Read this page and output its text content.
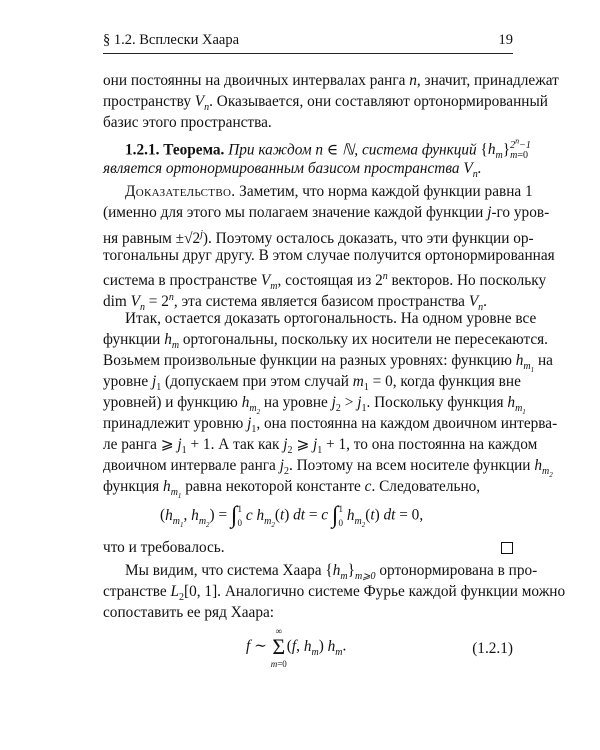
§ 1.2. Всплески Хаара	19
они постоянны на двоичных интервалах ранга n, значит, принадлежат
пространству $V_n$. Оказывается, они составляют ортонормированный
базис этого пространства.
1.2.1. Теорема. При каждом n ∈ ℕ, система функций $\{h_m\}2^n-1$
m=0
является ортонормированным базисом пространства $V_n$.
Доказательство. Заметим, что норма каждой функции равна 1
(именно для этого мы полагаем значение каждой функции j-го уров-
ня равным $\pm√2^j$). Поэтому осталось доказать, что эти функции ор-
тогональны друг другу. В этом случае получится ортонормированная
система в пространстве $V_m$, состоящая из 2$^n$ векторов. Но поскольку
dim $V_n = 2^n$, эта система является базисом пространства $V_n$.
Итак, остается доказать ортогональность. На одном уровне все
функции $h_m$ ортогональны, поскольку их носители не пересекаются.
Возьмем произвольные функции на разных уровнях: функцию $h_{m_1}$ на
уровне $j_1$ (допускаем при этом случай $m_1 = 0$, когда функция вне
уровней) и функцию $h_{m_2}$ на уровне $j_2 > j_1$. Поскольку функция $h_{m_1}$
принадлежит уровню $j_1$, она постоянна на каждом двоичном интерва-
ле ранга ⩾ $j_1 + 1$. А так как $j_2$ ⩾ $j_1 + 1$, то она постоянна на каждом
двоичном интервале ранга $j_2$. Поэтому на всем носителе функции $h_{m_2}$
функция $h_{m_1}$ равна некоторой константе c. Следовательно,
($h_{m_1}$, $h_{m_2}) = \int 1$
0 c $h_{m_2}(t)$ dt = c ∫1
0 $h_{m_2}(t)$ dt = 0,
что и требовалось.
Мы видим, что система Хаара $\{h_m\}_{m⩾0}$ ортонормирована в про-
странстве $L_2[0$, 1]. Аналогично системе Фурье каждой функции можно
сопоставить ее ряд Хаара:
f ∼ ∞
Σ
m=0(f, $h_m$) $h_m$.	(1.2.1)
